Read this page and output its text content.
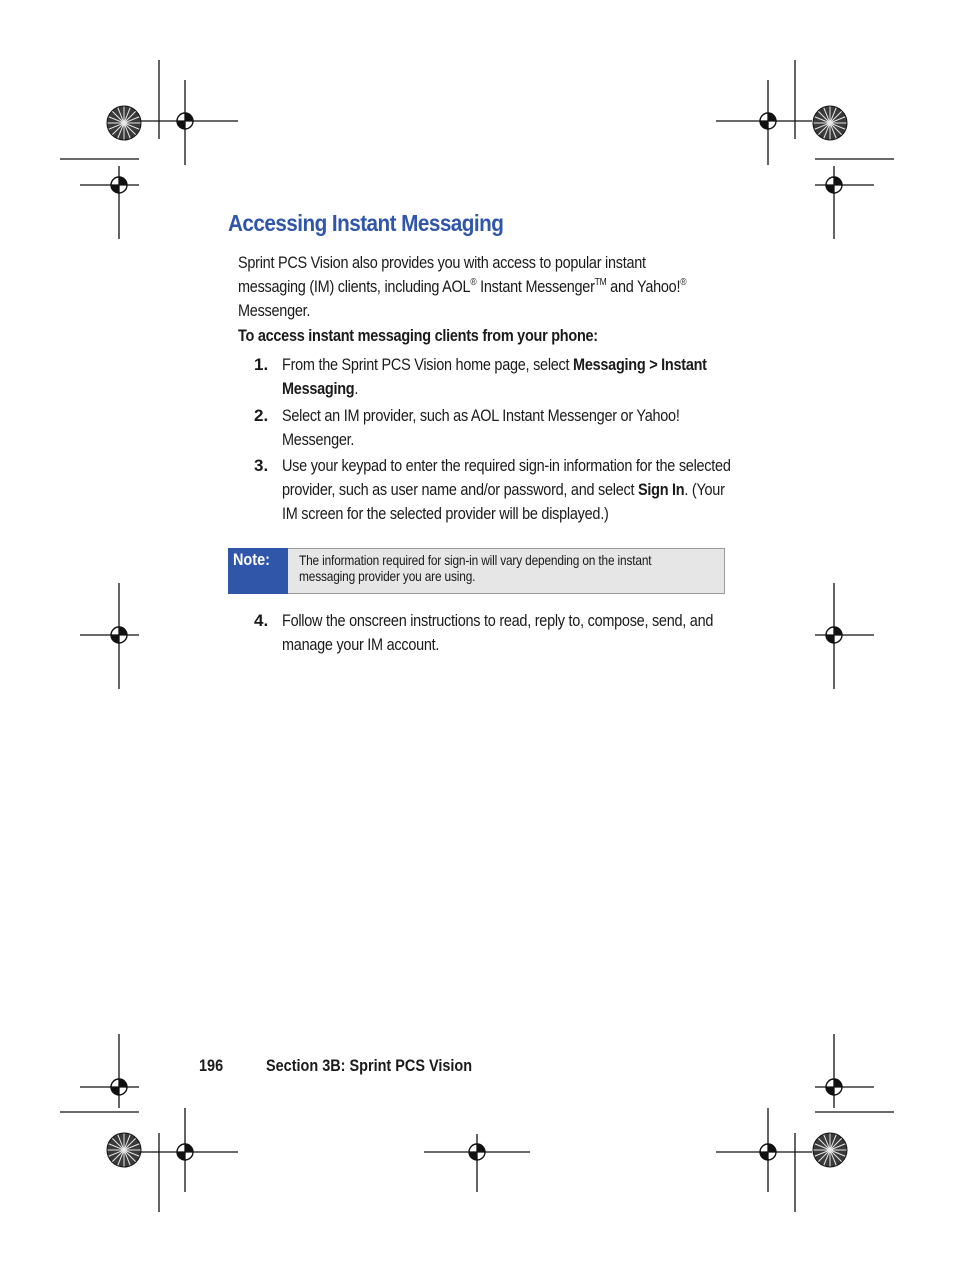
Accessing Instant Messaging

Sprint PCS Vision also provides you with access to popular instant messaging (IM) clients, including AOL® Instant Messenger™ and Yahoo!® Messenger.

To access instant messaging clients from your phone:

1. From the Sprint PCS Vision home page, select Messaging > Instant Messaging.
2. Select an IM provider, such as AOL Instant Messenger or Yahoo! Messenger.
3. Use your keypad to enter the required sign-in information for the selected provider, such as user name and/or password, and select Sign In. (Your IM screen for the selected provider will be displayed.)
Note:	The information required for sign-in will vary depending on the instant messaging provider you are using.
4. Follow the onscreen instructions to read, reply to, compose, send, and manage your IM account.
196	Section 3B: Sprint PCS Vision
